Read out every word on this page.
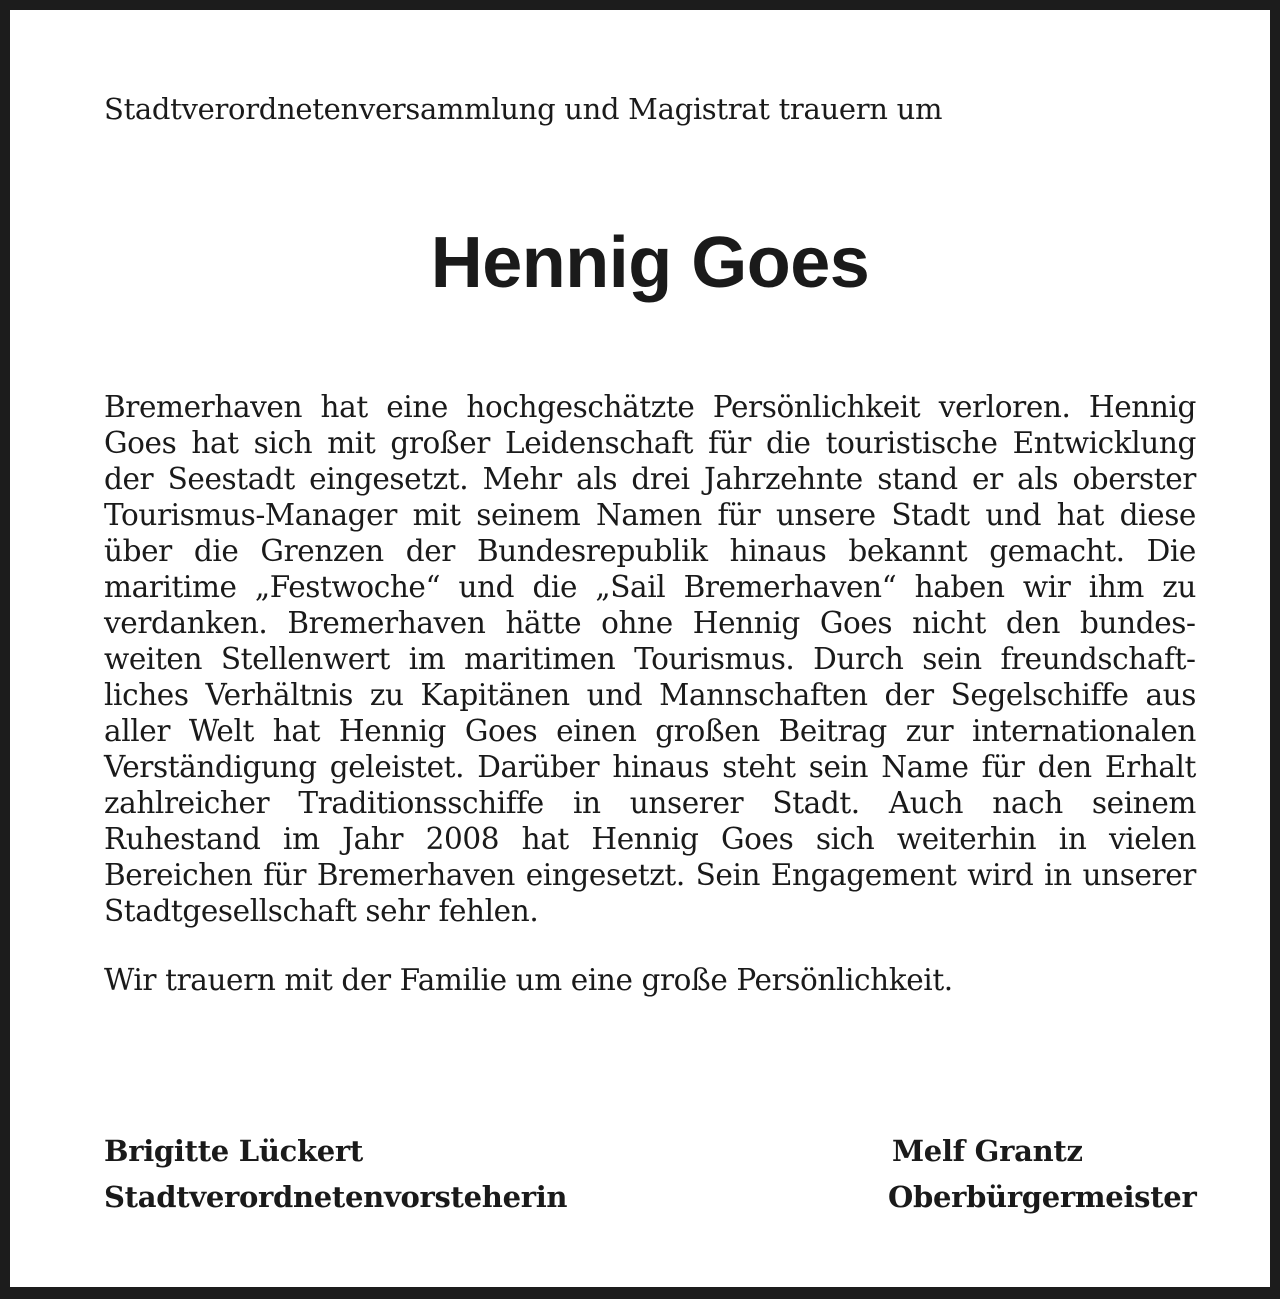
Stadtverordnetenversammlung und Magistrat trauern um
Hennig Goes

Bremerhaven hat eine hochgeschätzte Persönlichkeit verloren. Hennig Goes hat sich mit großer Leidenschaft für die touristische Entwicklung der Seestadt eingesetzt. Mehr als drei Jahrzehnte stand er als oberster Tourismus-Manager mit seinem Namen für unsere Stadt und hat diese über die Grenzen der Bundesrepublik hinaus bekannt gemacht. Die maritime „Festwoche“ und die „Sail Bremerhaven“ haben wir ihm zu verdanken. Bremerhaven hätte ohne Hennig Goes nicht den bundesweiten Stellenwert im maritimen Tourismus. Durch sein freundschaftliches Verhältnis zu Kapitänen und Mannschaften der Segelschiffe aus aller Welt hat Hennig Goes einen großen Beitrag zur internationalen Verständigung geleistet. Darüber hinaus steht sein Name für den Erhalt zahlreicher Traditionsschiffe in unserer Stadt. Auch nach seinem Ruhestand im Jahr 2008 hat Hennig Goes sich weiterhin in vielen Bereichen für Bremerhaven eingesetzt. Sein Engagement wird in unserer Stadtgesellschaft sehr fehlen.

Wir trauern mit der Familie um eine große Persönlichkeit.

Brigitte Lückert
Stadtverordnetenvorsteherin
Melf Grantz
Oberbürgermeister
